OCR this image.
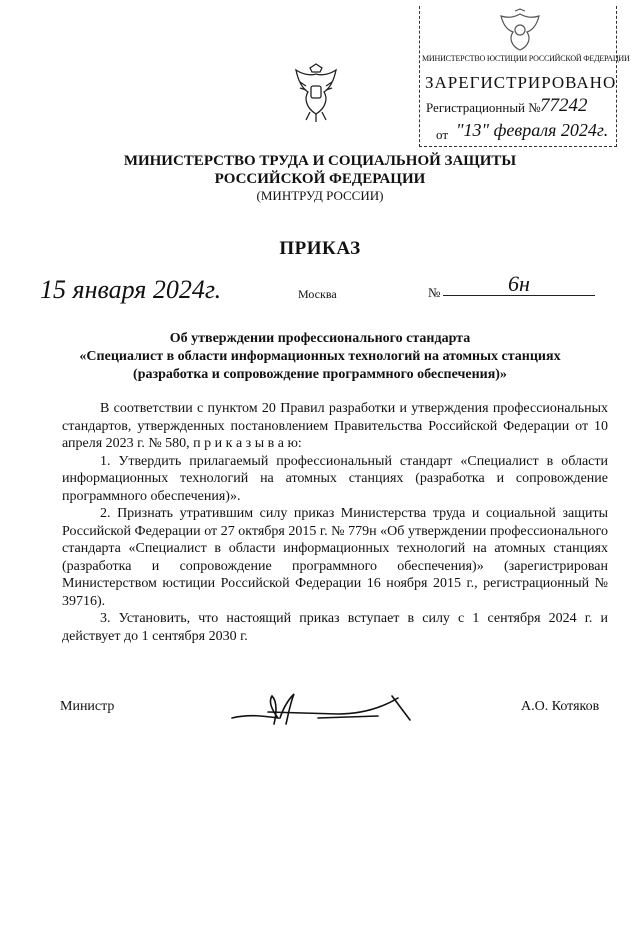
МИНИСТЕРСТВО ЮСТИЦИИ РОССИЙСКОЙ ФЕДЕРАЦИИ
ЗАРЕГИСТРИРОВАНО
Регистрационный № 77242
от "13" февраля 2024г.
МИНИСТЕРСТВО ТРУДА И СОЦИАЛЬНОЙ ЗАЩИТЫ
РОССИЙСКОЙ ФЕДЕРАЦИИ
(МИНТРУД РОССИИ)
ПРИКАЗ
15 января 2024г.	Москва	№	6н
Об утверждении профессионального стандарта
«Специалист в области информационных технологий на атомных станциях
(разработка и сопровождение программного обеспечения)»

В соответствии с пунктом 20 Правил разработки и утверждения профессиональных стандартов, утвержденных постановлением Правительства Российской Федерации от 10 апреля 2023 г. № 580, п р и к а з ы в а ю:

1. Утвердить прилагаемый профессиональный стандарт «Специалист в области информационных технологий на атомных станциях (разработка и сопровождение программного обеспечения)».

2. Признать утратившим силу приказ Министерства труда и социальной защиты Российской Федерации от 27 октября 2015 г. № 779н «Об утверждении профессионального стандарта «Специалист в области информационных технологий на атомных станциях (разработка и сопровождение программного обеспечения)» (зарегистрирован Министерством юстиции Российской Федерации 16 ноября 2015 г., регистрационный № 39716).

3. Установить, что настоящий приказ вступает в силу с 1 сентября 2024 г. и действует до 1 сентября 2030 г.

Министр	А.О. Котяков
